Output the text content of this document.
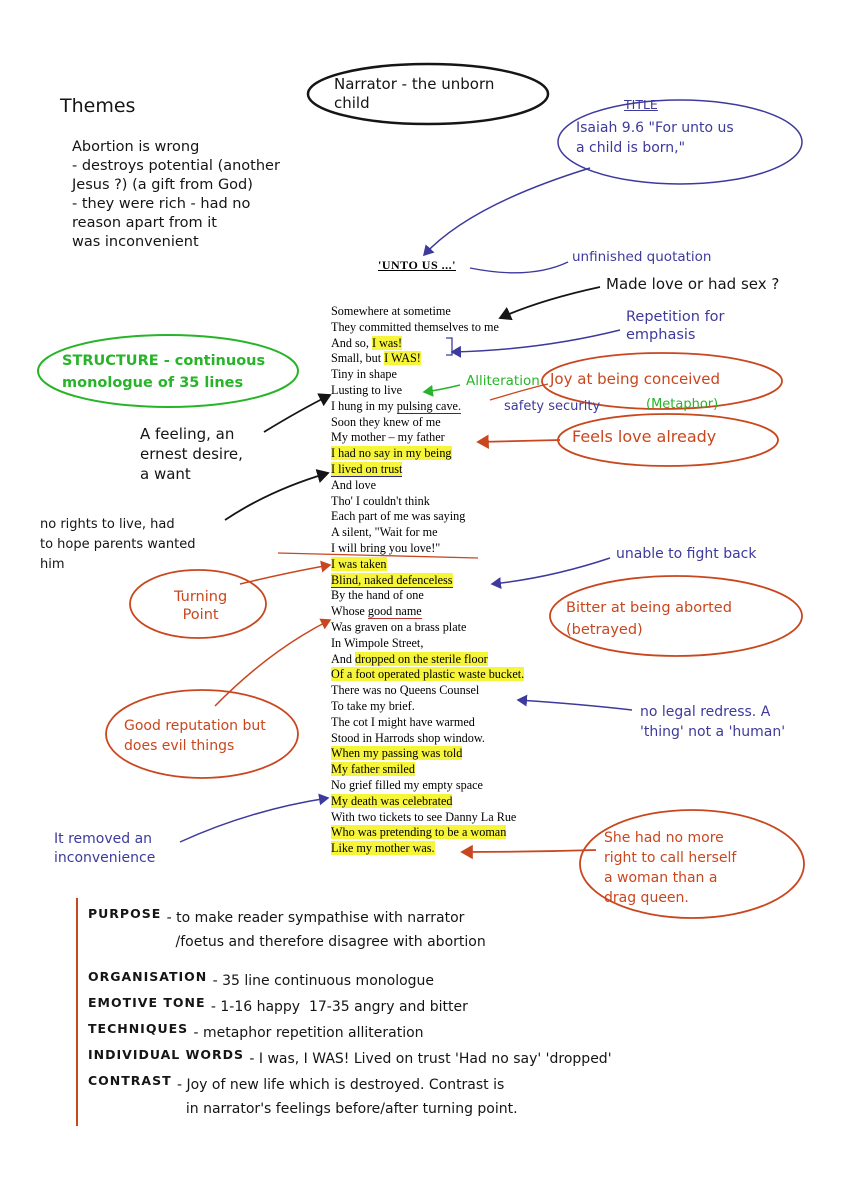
Themes
Abortion is wrong
- destroys potential (another
Jesus ?) (a gift from God)
- they were rich - had no
reason apart from it
was inconvenient
Narrator - the unborn
child	TITLE
Isaiah 9.6 "For unto us
a child is born,"
'UNTO US ...'
Somewhere at sometime
They committed themselves to me
And so, I was!
Small, but I WAS!
Tiny in shape
Lusting to live
I hung in my pulsing cave.
Soon they knew of me
My mother – my father
I had no say in my being
I lived on trust
And love
Tho' I couldn't think
Each part of me was saying
A silent, "Wait for me
I will bring you love!"
I was taken
Blind, naked defenceless
By the hand of one
Whose good name
Was graven on a brass plate
In Wimpole Street,
And dropped on the sterile floor
Of a foot operated plastic waste bucket.
There was no Queens Counsel
To take my brief.
The cot I might have warmed
Stood in Harrods shop window.
When my passing was told
My father smiled
No grief filled my empty space
My death was celebrated
With two tickets to see Danny La Rue
Who was pretending to be a woman
Like my mother was.
unfinished quotation
Made love or had sex ?
Repetition for
emphasis
STRUCTURE - continuous
monologue of 35 lines	Alliteration Joy at being conceived
safety security	(Metaphor)
A feeling, an
ernest desire,
a want
Feels love already
no rights to live, had
to hope parents wanted
him
unable to fight back
Turning
Point	Bitter at being aborted
(betrayed)
Good reputation but
does evil things
no legal redress. A
'thing' not a 'human'
It removed an
inconvenience
She had no more
right to call herself
a woman than a
drag queen.
PURPOSE - to make reader sympathise with narrator
/foetus and therefore disagree with abortion
ORGANISATION - 35 line continuous monologue
EMOTIVE TONE - 1-16 happy  17-35 angry and bitter
TECHNIQUES - metaphor repetition alliteration
INDIVIDUAL WORDS - I was, I WAS! Lived on trust 'Had no say' 'dropped'
CONTRAST - Joy of new life which is destroyed. Contrast is
in narrator's feelings before/after turning point.
